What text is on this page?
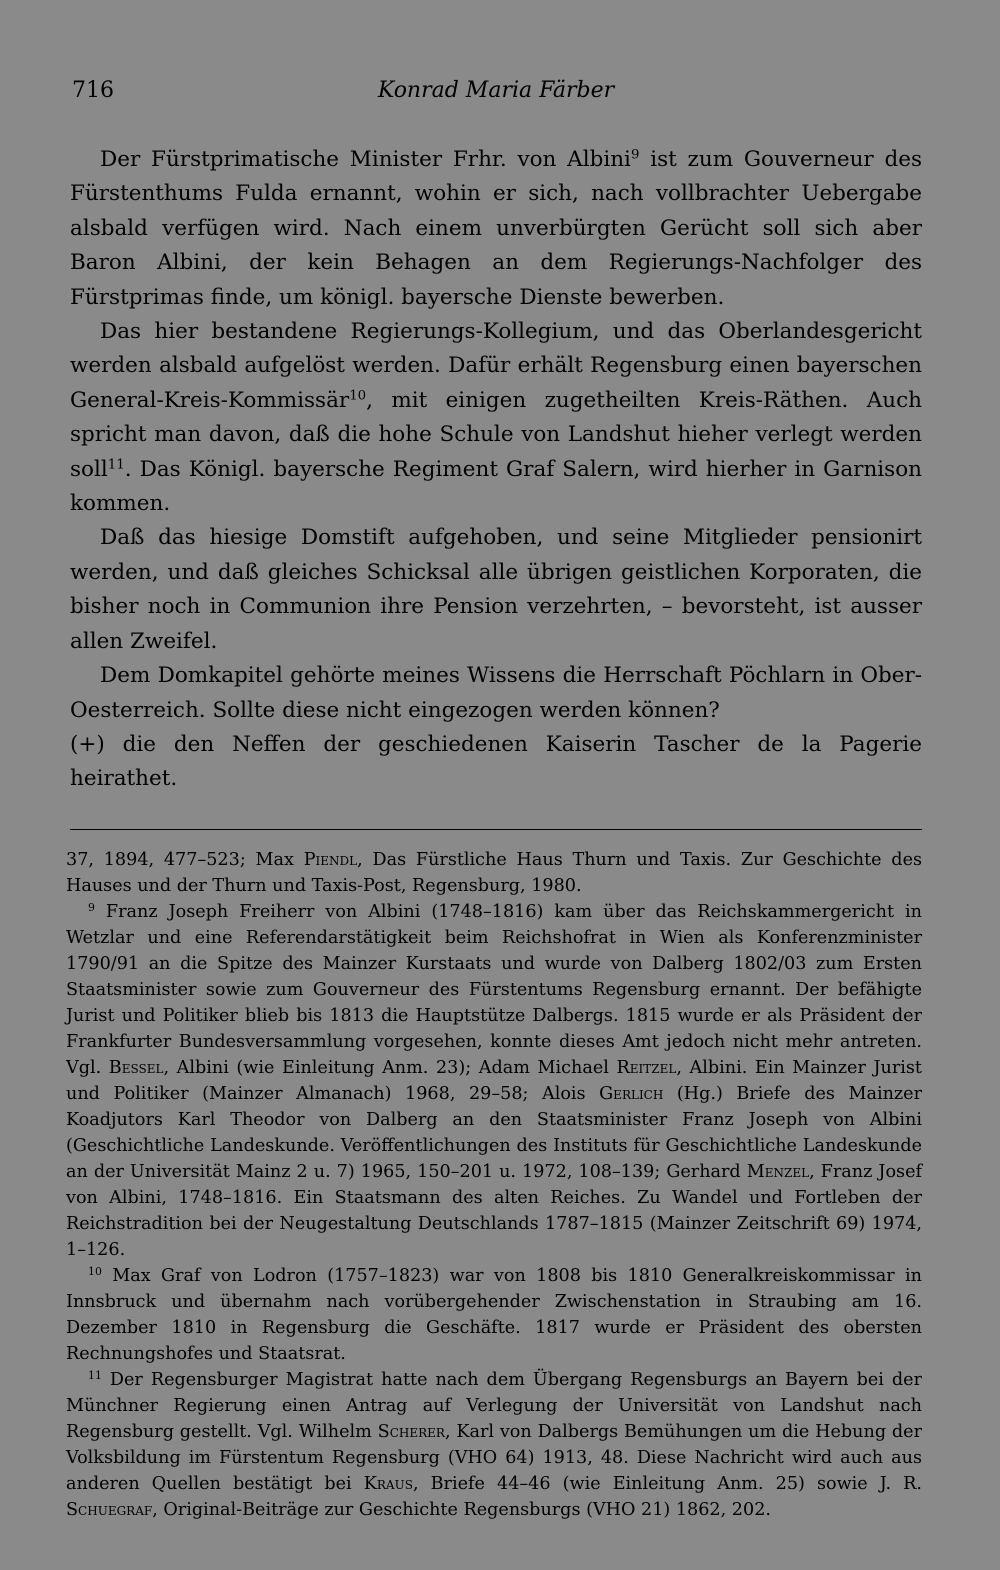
716	Konrad Maria Färber

Der Fürstprimatische Minister Frhr. von Albini$^9$ ist zum Gouverneur des Fürstenthums Fulda ernannt, wohin er sich, nach vollbrachter Uebergabe alsbald verfügen wird. Nach einem unverbürgten Gerücht soll sich aber Baron Albini, der kein Behagen an dem Regierungs-Nachfolger des Fürstprimas finde, um königl. bayersche Dienste bewerben.

Das hier bestandene Regierungs-Kollegium, und das Oberlandesgericht werden alsbald aufgelöst werden. Dafür erhält Regensburg einen bayerschen General-Kreis-Kommissär$^{10}$, mit einigen zugetheilten Kreis-Räthen. Auch spricht man davon, daß die hohe Schule von Landshut hieher verlegt werden soll$^{11}$. Das Königl. bayersche Regiment Graf Salern, wird hierher in Garnison kommen.

Daß das hiesige Domstift aufgehoben, und seine Mitglieder pensionirt werden, und daß gleiches Schicksal alle übrigen geistlichen Korporaten, die bisher noch in Communion ihre Pension verzehrten, – bevorsteht, ist ausser allen Zweifel.

Dem Domkapitel gehörte meines Wissens die Herrschaft Pöchlarn in Ober-Oesterreich. Sollte diese nicht eingezogen werden können?

(+) die den Neffen der geschiedenen Kaiserin Tascher de la Pagerie heirathet.

37, 1894, 477–523; Max Piendl, Das Fürstliche Haus Thurn und Taxis. Zur Geschichte des Hauses und der Thurn und Taxis-Post, Regensburg, 1980.

$^9$ Franz Joseph Freiherr von Albini (1748–1816) kam über das Reichskammergericht in Wetzlar und eine Referendarstätigkeit beim Reichshofrat in Wien als Konferenzminister 1790/91 an die Spitze des Mainzer Kurstaats und wurde von Dalberg 1802/03 zum Ersten Staatsminister sowie zum Gouverneur des Fürstentums Regensburg ernannt. Der befähigte Jurist und Politiker blieb bis 1813 die Hauptstütze Dalbergs. 1815 wurde er als Präsident der Frankfurter Bundesversammlung vorgesehen, konnte dieses Amt jedoch nicht mehr antreten. Vgl. Bessel, Albini (wie Einleitung Anm. 23); Adam Michael Reitzel, Albini. Ein Mainzer Jurist und Politiker (Mainzer Almanach) 1968, 29–58; Alois Gerlich (Hg.) Briefe des Mainzer Koadjutors Karl Theodor von Dalberg an den Staatsminister Franz Joseph von Albini (Geschichtliche Landeskunde. Veröffentlichungen des Instituts für Geschichtliche Landeskunde an der Universität Mainz 2 u. 7) 1965, 150–201 u. 1972, 108–139; Gerhard Menzel, Franz Josef von Albini, 1748–1816. Ein Staatsmann des alten Reiches. Zu Wandel und Fortleben der Reichstradition bei der Neugestaltung Deutschlands 1787–1815 (Mainzer Zeitschrift 69) 1974, 1–126.

$^{10}$ Max Graf von Lodron (1757–1823) war von 1808 bis 1810 Generalkreiskommissar in Innsbruck und übernahm nach vorübergehender Zwischenstation in Straubing am 16. Dezember 1810 in Regensburg die Geschäfte. 1817 wurde er Präsident des obersten Rechnungshofes und Staatsrat.

$^{11}$ Der Regensburger Magistrat hatte nach dem Übergang Regensburgs an Bayern bei der Münchner Regierung einen Antrag auf Verlegung der Universität von Landshut nach Regensburg gestellt. Vgl. Wilhelm Scherer, Karl von Dalbergs Bemühungen um die Hebung der Volksbildung im Fürstentum Regensburg (VHO 64) 1913, 48. Diese Nachricht wird auch aus anderen Quellen bestätigt bei Kraus, Briefe 44–46 (wie Einleitung Anm. 25) sowie J. R. Schuegraf, Original-Beiträge zur Geschichte Regensburgs (VHO 21) 1862, 202.
